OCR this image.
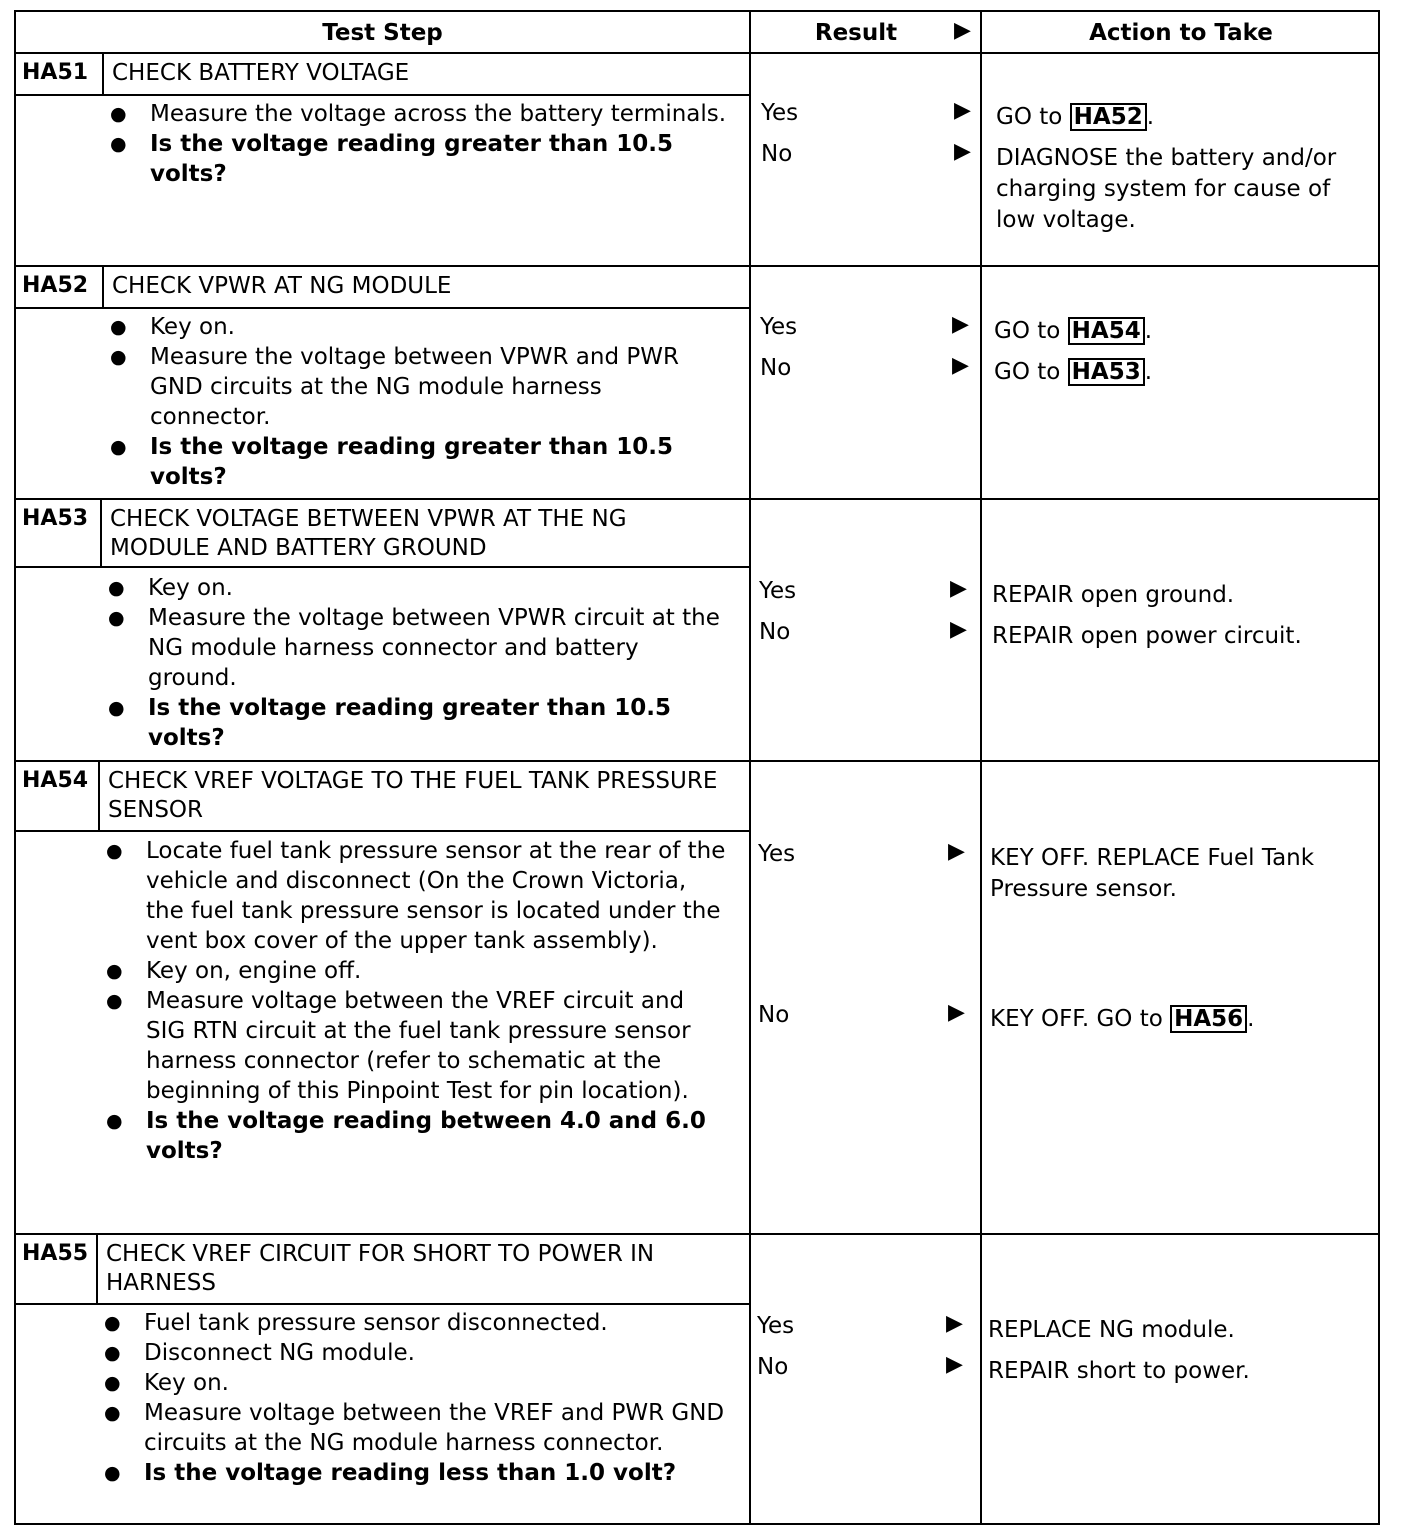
Test Step	Result	▶	Action to Take
HA51 CHECK BATTERY VOLTAGE
● Measure the voltage across the battery terminals.
● Is the voltage reading greater than 10.5 volts?
Yes	▶ GO to HA52 .
No	▶ DIAGNOSE the battery and/or charging system for cause of low voltage.
HA52 CHECK VPWR AT NG MODULE
● Key on.
● Measure the voltage between VPWR and PWR GND circuits at the NG module harness connector.
● Is the voltage reading greater than 10.5 volts?
Yes	▶ GO to HA54 .
No	▶ GO to HA53 .
HA53 CHECK VOLTAGE BETWEEN VPWR AT THE NG MODULE AND BATTERY GROUND
● Key on.
● Measure the voltage between VPWR circuit at the NG module harness connector and battery ground.
● Is the voltage reading greater than 10.5 volts?
Yes	▶ REPAIR open ground.
No	▶ REPAIR open power circuit.
HA54 CHECK VREF VOLTAGE TO THE FUEL TANK PRESSURE SENSOR
● Locate fuel tank pressure sensor at the rear of the vehicle and disconnect (On the Crown Victoria, the fuel tank pressure sensor is located under the vent box cover of the upper tank assembly).
● Key on, engine off.
● Measure voltage between the VREF circuit and SIG RTN circuit at the fuel tank pressure sensor harness connector (refer to schematic at the beginning of this Pinpoint Test for pin location).
● Is the voltage reading between 4.0 and 6.0 volts?
Yes	▶ KEY OFF. REPLACE Fuel Tank Pressure sensor.
No	▶ KEY OFF. GO to HA56 .
HA55 CHECK VREF CIRCUIT FOR SHORT TO POWER IN HARNESS
● Fuel tank pressure sensor disconnected.
● Disconnect NG module.
● Key on.
● Measure voltage between the VREF and PWR GND circuits at the NG module harness connector.
● Is the voltage reading less than 1.0 volt?
Yes	▶ REPLACE NG module.
No	▶ REPAIR short to power.
